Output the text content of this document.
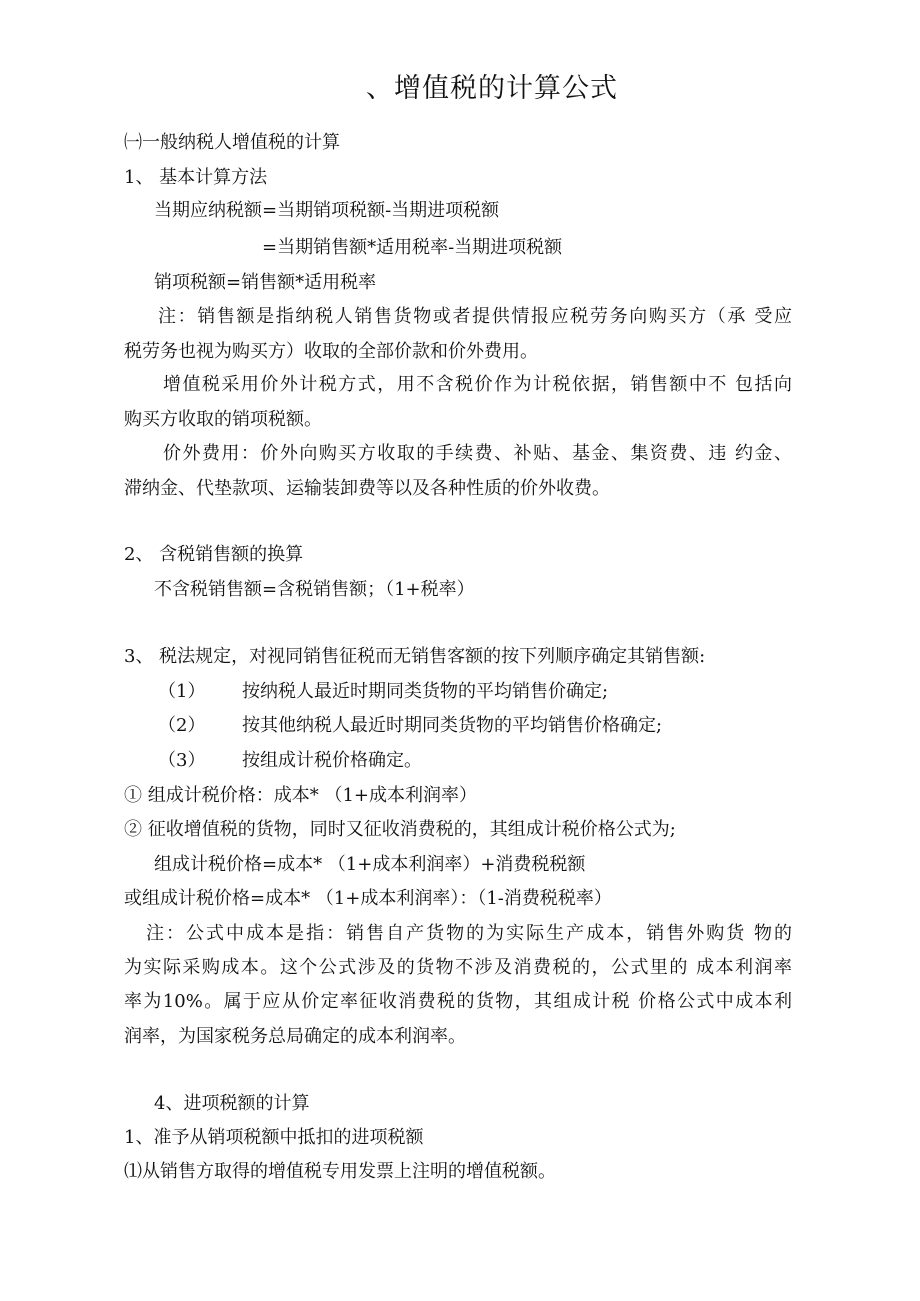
、增值税的计算公式
㈠一般纳税人增值税的计算
1、 基本计算方法
当期应纳税额=当期销项税额-当期进项税额
=当期销售额*适用税率-当期进项税额
销项税额=销售额*适用税率
注：销售额是指纳税人销售货物或者提供情报应税劳务向购买方（承 受应
税劳务也视为购买方）收取的全部价款和价外费用。
增值税采用价外计税方式，用不含税价作为计税依据，销售额中不 包括向
购买方收取的销项税额。
价外费用：价外向购买方收取的手续费、补贴、基金、集资费、违 约金、
滞纳金、代垫款项、运输装卸费等以及各种性质的价外收费。
2、 含税销售额的换算
不含税销售额=含税销售额；（1+税率）
3、 税法规定，对视同销售征税而无销售客额的按下列顺序确定其销售额:
（1） 按纳税人最近时期同类货物的平均销售价确定;
（2） 按其他纳税人最近时期同类货物的平均销售价格确定;
（3） 按组成计税价格确定。
① 组成计税价格：成本* （1+成本利润率）
② 征收增值税的货物，同时又征收消费税的，其组成计税价格公式为;
组成计税价格=成本* （1+成本利润率）+消费税税额
或组成计税价格=成本* （1+成本利润率）：（1-消费税税率）
注：公式中成本是指：销售自产货物的为实际生产成本，销售外购货 物的
为实际采购成本。这个公式涉及的货物不涉及消费税的，公式里的 成本利润率
率为10%。属于应从价定率征收消费税的货物，其组成计税 价格公式中成本利
润率，为国家税务总局确定的成本利润率。
4、进项税额的计算
1、准予从销项税额中抵扣的进项税额
⑴从销售方取得的增值税专用发票上注明的增值税额。
